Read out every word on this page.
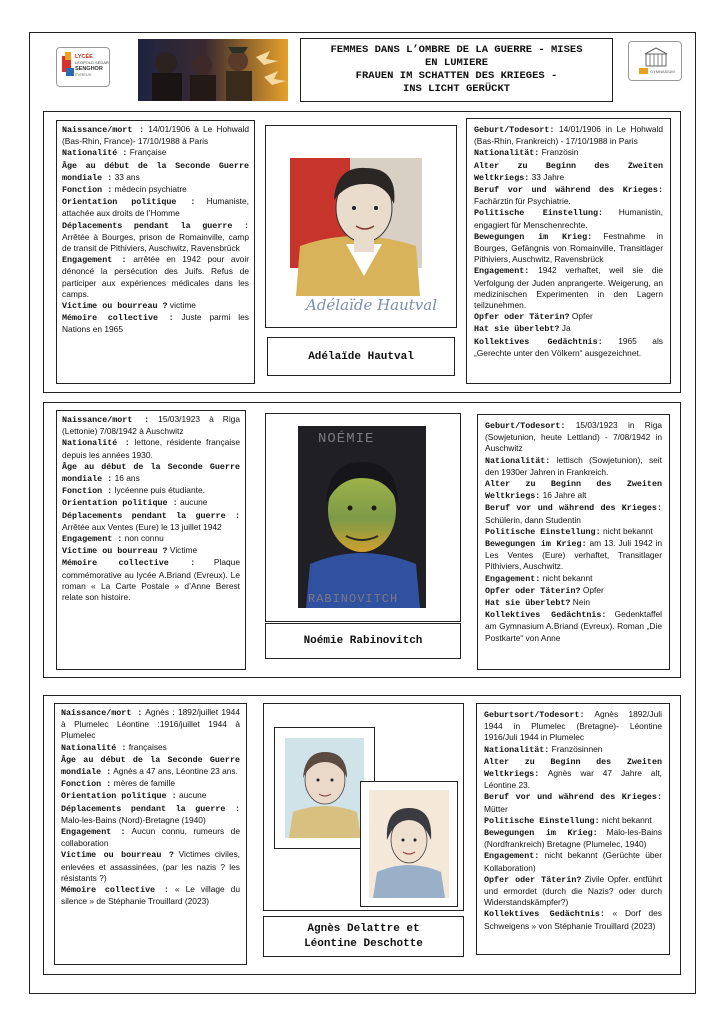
LYCÉE
LÉOPOLD SÉDAR
SENGHOR
ÉVREUX
FEMMES DANS L’OMBRE DE LA GUERRE - MISES
EN LUMIERE
FRAUEN IM SCHATTEN DES KRIEGES -
INS LICHT GERÜCKT
GYMNASIUM

Naissance/mort : 14/01/1906 à Le Hohwald (Bas-Rhin, France)- 17/10/1988 à Paris

Nationalité : Française

Âge au début de la Seconde Guerre mondiale : 33 ans

Fonction : médecin psychiatre

Orientation politique : Humaniste, attachée aux droits de l’Homme

Déplacements pendant la guerre : Arrêtée à Bourges, prison de Romainville, camp de transit de Pithiviers, Auschwitz, Ravensbrück

Engagement : arrêtée en 1942 pour avoir dénoncé la persécution des Juifs. Refus de participer aux expériences médicales dans les camps.

Victime ou bourreau ? victime

Mémoire collective : Juste parmi les Nations en 1965

Adélaïde Hautval
Adélaïde Hautval

Geburt/Todesort: 14/01/1906 in Le Hohwald (Bas-Rhin, Frankreich) - 17/10/1988 in Paris

Nationalität: Französin

Alter zu Beginn des Zweiten Weltkriegs: 33 Jahre

Beruf vor und während des Krieges: Fachärztin für Psychiatrie.

Politische Einstellung: Humanistin, engagiert für Menschenrechte.

Bewegungen im Krieg: Festnahme in Bourges, Gefängnis von Romainville, Transitlager Pithiviers, Auschwitz, Ravensbrück

Engagement: 1942 verhaftet, weil sie die Verfolgung der Juden anprangerte. Weigerung, an medizinischen Experimenten in den Lagern teilzunehmen.

Opfer oder Täterin? Opfer

Hat sie überlebt? Ja

Kollektives Gedächtnis: 1965 als „Gerechte unter den Völkern“ ausgezeichnet.

Naissance/mort : 15/03/1923 à Riga (Lettonie) 7/08/1942 à Auschwitz

Nationalité : lettone, résidente française depuis les années 1930.

Âge au début de la Seconde Guerre mondiale : 16 ans

Fonction : lycéenne puis étudiante.

Orientation politique : aucune

Déplacements pendant la guerre : Arrêtée aux Ventes (Eure) le 13 juillet 1942

Engagement : non connu

Victime ou bourreau ? Victime

Mémoire collective : Plaque commémorative au lycée A.Briand (Evreux). Le roman « La Carte Postale » d’Anne Berest relate son histoire.

NOÉMIE
RABINOVITCH
Noémie Rabinovitch

Geburt/Todesort: 15/03/1923 in Riga (Sowjetunion, heute Lettland) - 7/08/1942 in Auschwitz

Nationalität: lettisch (Sowjetunion), seit den 1930er Jahren in Frankreich.

Alter zu Beginn des Zweiten Weltkriegs: 16 Jahre alt

Beruf vor und während des Krieges: Schülerin, dann Studentin

Politische Einstellung: nicht bekannt

Bewegungen im Krieg: am 13. Juli 1942 in Les Ventes (Eure) verhaftet, Transitlager Pithiviers, Auschwitz.

Engagement: nicht bekannt

Opfer oder Täterin? Opfer

Hat sie überlebt? Nein

Kollektives Gedächtnis: Gedenktaffel am Gymnasium A.Briand (Evreux). Roman „Die Postkarte“ von Anne

Naissance/mort : Agnès : 1892/juillet 1944 à Plumelec Léontine :1916/juillet 1944 à Plumelec

Nationalité : françaises

Âge au début de la Seconde Guerre mondiale : Agnès a 47 ans, Léontine 23 ans.

Fonction : mères de famille

Orientation politique : aucune

Déplacements pendant la guerre : Malo-les-Bains (Nord)-Bretagne (1940)

Engagement : Aucun connu, rumeurs de collaboration

Victime ou bourreau ? Victimes civiles, enlevées et assassinées, (par les nazis ? les résistants ?)

Mémoire collective : « Le village du silence » de Stéphanie Trouillard (2023)

Agnès Delattre et
Léontine Deschotte

Geburtsort/Todesort: Agnès 1892/Juli 1944 in Plumelec (Bretagne)- Léontine 1916/Juli 1944 in Plumelec

Nationalität: Französinnen

Alter zu Beginn des Zweiten Weltkriegs: Agnès war 47 Jahre alt, Léontine 23.

Beruf vor und während des Krieges: Mütter

Politische Einstellung: nicht bekannt

Bewegungen im Krieg: Malo-les-Bains (Nordfrankreich) Bretagne (Plumelec, 1940)

Engagement: nicht bekannt (Gerüchte über Kollaboration)

Opfer oder Täterin? Zivile Opfer. entführt und ermordet (durch die Nazis? oder durch Widerstandskämpfer?)

Kollektives Gedächtnis: « Dorf des Schweigens » von Stéphanie Trouillard (2023)
